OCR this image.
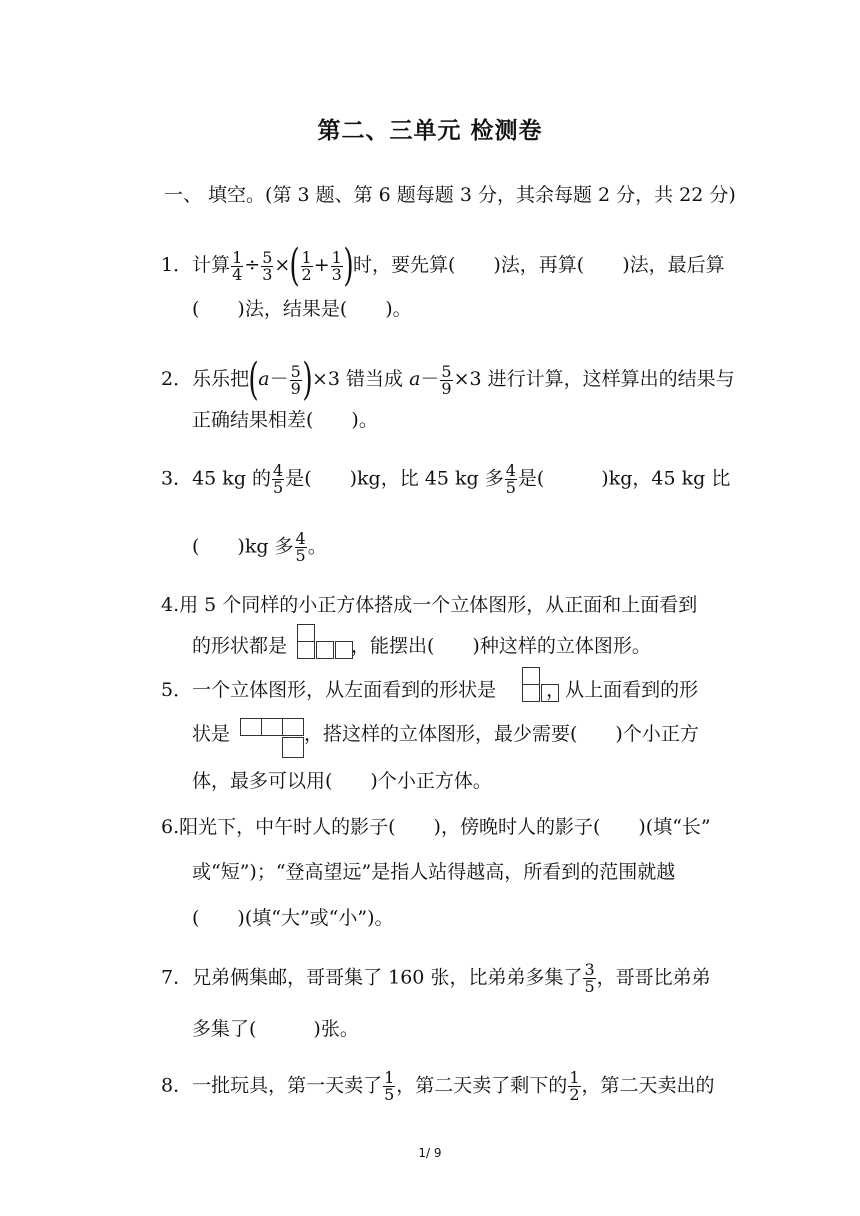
第二、三单元 检测卷
一、 填空。(第 3 题、第 6 题每题 3 分，其余每题 2 分，共 22 分)
1．计算 $\frac{1}{4} \div \frac{5}{3}$ ×( $\frac{1}{2} + \frac{1}{3}$ )时，要先算(　　)法，再算(　　)法，最后算
(　　)法，结果是(　　)。
2．乐乐把$(a- \frac{5}{9} )\times 3$ 错当成 $a- \frac{5}{9} \times 3$ 进行计算，这样算出的结果与
正确结果相差(　　)。
3．45 kg 的 $\frac{4}{5}$ 是(　　)kg，比 45 kg 多 $\frac{4}{5}$ 是(　　　)kg，45 kg 比
(　　)kg 多 $\frac{4}{5}$ 。
4.用 5 个同样的小正方体搭成一个立体图形，从正面和上面看到
的形状都是	，能摆出(　　)种这样的立体图形。
5．一个立体图形，从左面看到的形状是	，从上面看到的形
状是	，搭这样的立体图形，最少需要(　　)个小正方
体，最多可以用(　　)个小正方体。
6.阳光下，中午时人的影子(　　)，傍晚时人的影子(　　)(填“长”
或“短”)；“登高望远”是指人站得越高，所看到的范围就越
(　　)(填“大”或“小”)。
7．兄弟俩集邮，哥哥集了 160 张，比弟弟多集了 $\frac{3}{5}$ ，哥哥比弟弟
多集了(　　　)张。
8．一批玩具，第一天卖了 $\frac{1}{5}$ ，第二天卖了剩下的 $\frac{1}{2}$ ，第二天卖出的
1/ 9
